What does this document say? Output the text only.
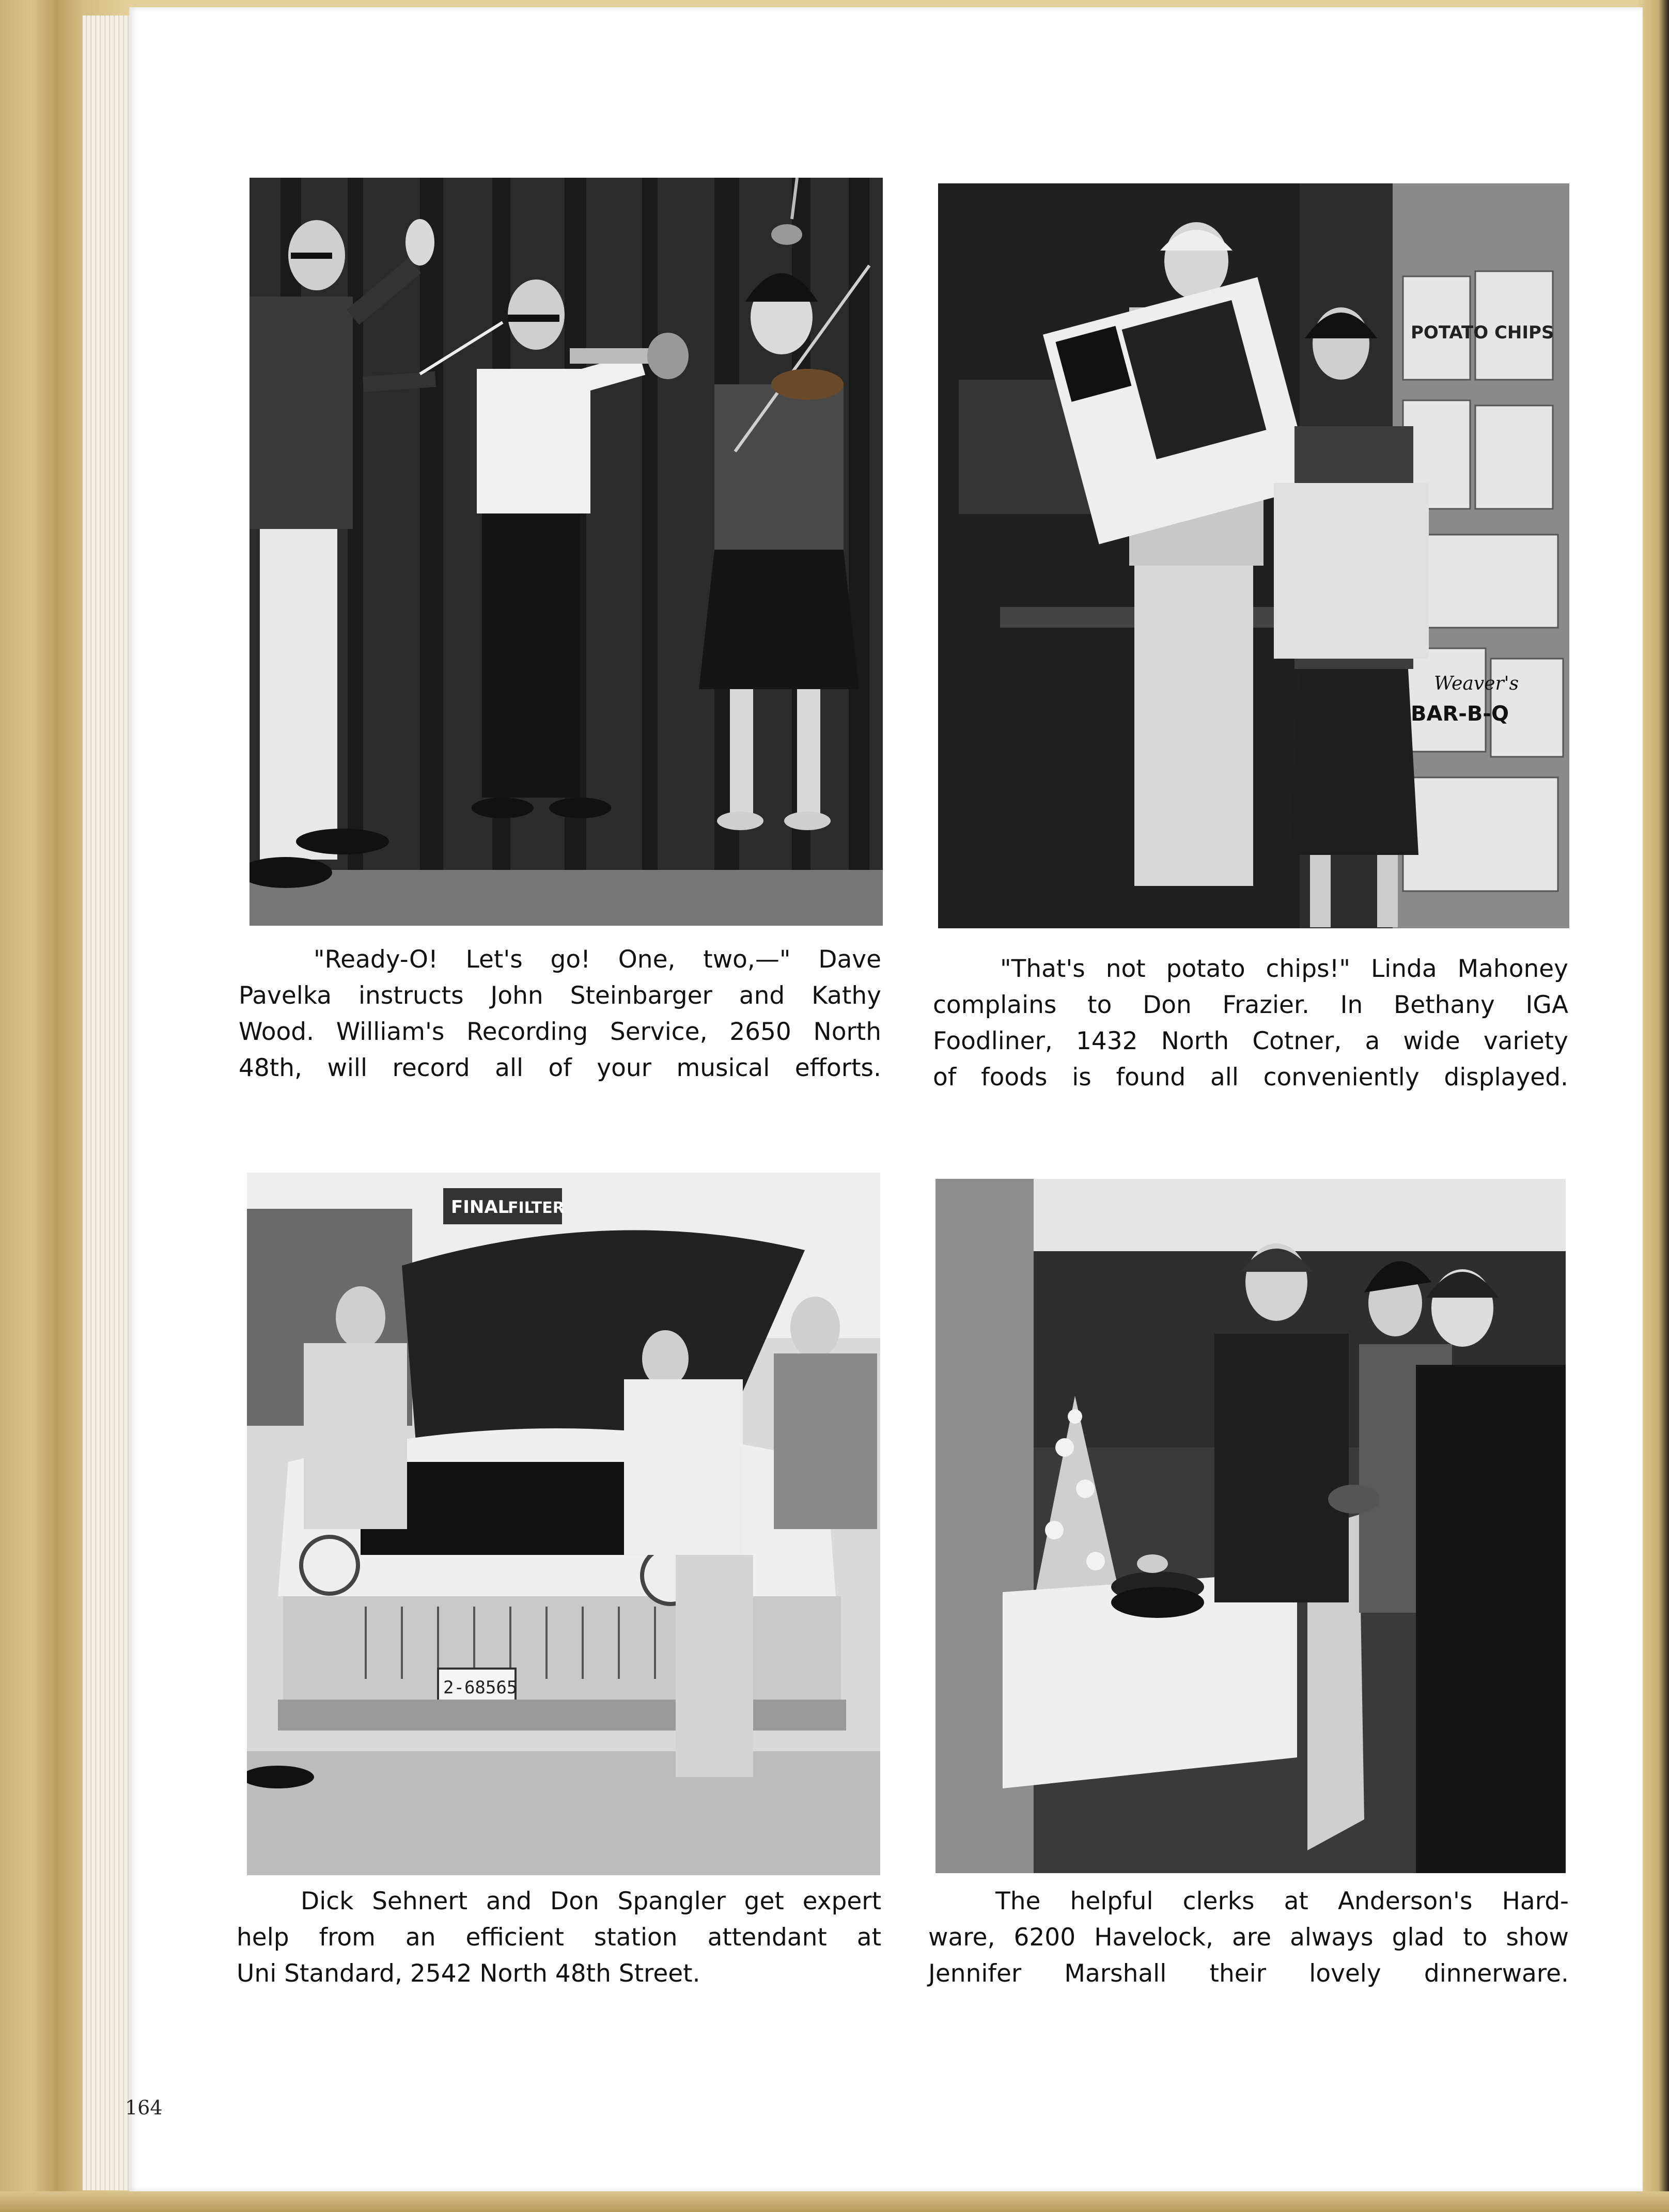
POTATO CHIPS
BAR-B-Q
Weaver's
FINAL
FILTER
2-68565
"Ready-O! Let's go! One, two,—" Dave
Pavelka instructs John Steinbarger and Kathy
Wood. William's Recording Service, 2650 North
48th, will record all of your musical efforts.
"That's not potato chips!" Linda Mahoney
complains to Don Frazier. In Bethany IGA
Foodliner, 1432 North Cotner, a wide variety
of foods is found all conveniently displayed.
Dick Sehnert and Don Spangler get expert
help from an efficient station attendant at
Uni Standard, 2542 North 48th Street.
The helpful clerks at Anderson's Hard-
ware, 6200 Havelock, are always glad to show
Jennifer Marshall their lovely dinnerware.

164
